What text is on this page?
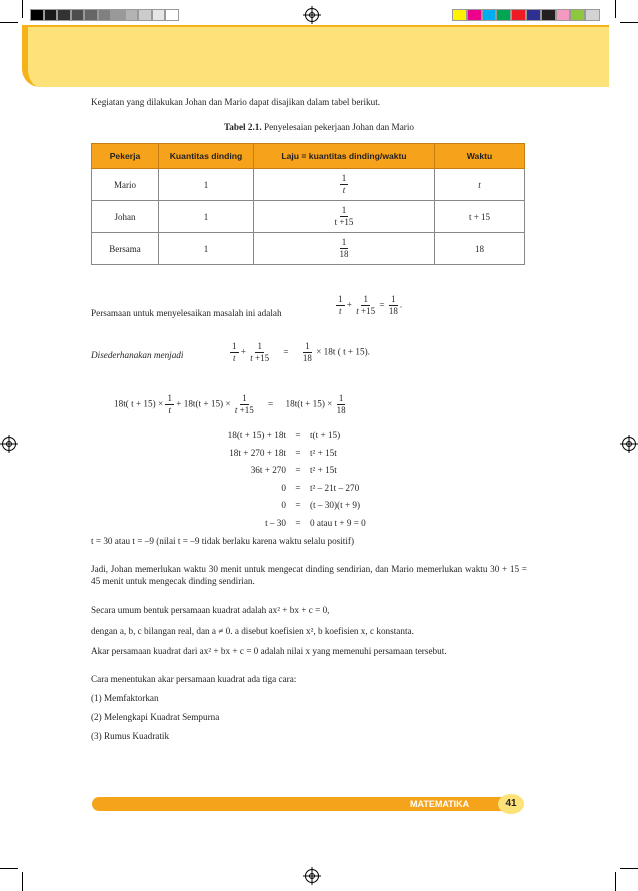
Kegiatan yang dilakukan Johan dan Mario dapat disajikan dalam tabel berikut.

Tabel 2.1. Penyelesaian pekerjaan Johan dan Mario
Pekerja	Kuantitas dinding	Laju = kuantitas dinding/waktu	Waktu
Mario	1	$\frac{1}{t}$	t
Johan	1	$\frac{1}{t +15}$	t + 15
Bersama	1	$\frac{1}{18}$	18

Persamaan untuk menyelesaikan masalah ini adalah	$\frac{1}{t} + \frac{1}{t +15} = \frac{1}{18}$ .

Disederhanakan menjadi	$\frac{1}{t} + \frac{1}{t +15} = \frac{1}{18} \times 18t$ ( t + 15).
18t( $t + 15) \times \frac{1}{t} + 18t(t + 15) \times \frac{1}{t +15} = 18t(t + 15) \times \frac{1}{18}$
18(t + 15) + 18t	=	t(t + 15)
18t + 270 + 18t	=	t² + 15t
36t + 270	=	t² + 15t
0	=	t² – 21t – 270
0	=	(t – 30)(t + 9)
t – 30	=	0 atau t + 9 = 0

t = 30 atau t = –9 (nilai t = –9 tidak berlaku karena waktu selalu positif)

Jadi, Johan memerlukan waktu 30 menit untuk mengecat dinding sendirian, dan Mario memerlukan waktu 30 + 15 = 45 menit untuk mengecak dinding sendirian.

Secara umum bentuk persamaan kuadrat adalah ax² + bx + c = 0,

dengan a, b, c bilangan real, dan a ≠ 0. a disebut koefisien x², b koefisien x, c konstanta.

Akar persamaan kuadrat dari ax² + bx + c = 0 adalah nilai x yang memenuhi persamaan tersebut.

Cara menentukan akar persamaan kuadrat ada tiga cara:

(1) Memfaktorkan

(2) Melengkapi Kuadrat Sempurna

(3) Rumus Kuadratik

MATEMATIKA	41
